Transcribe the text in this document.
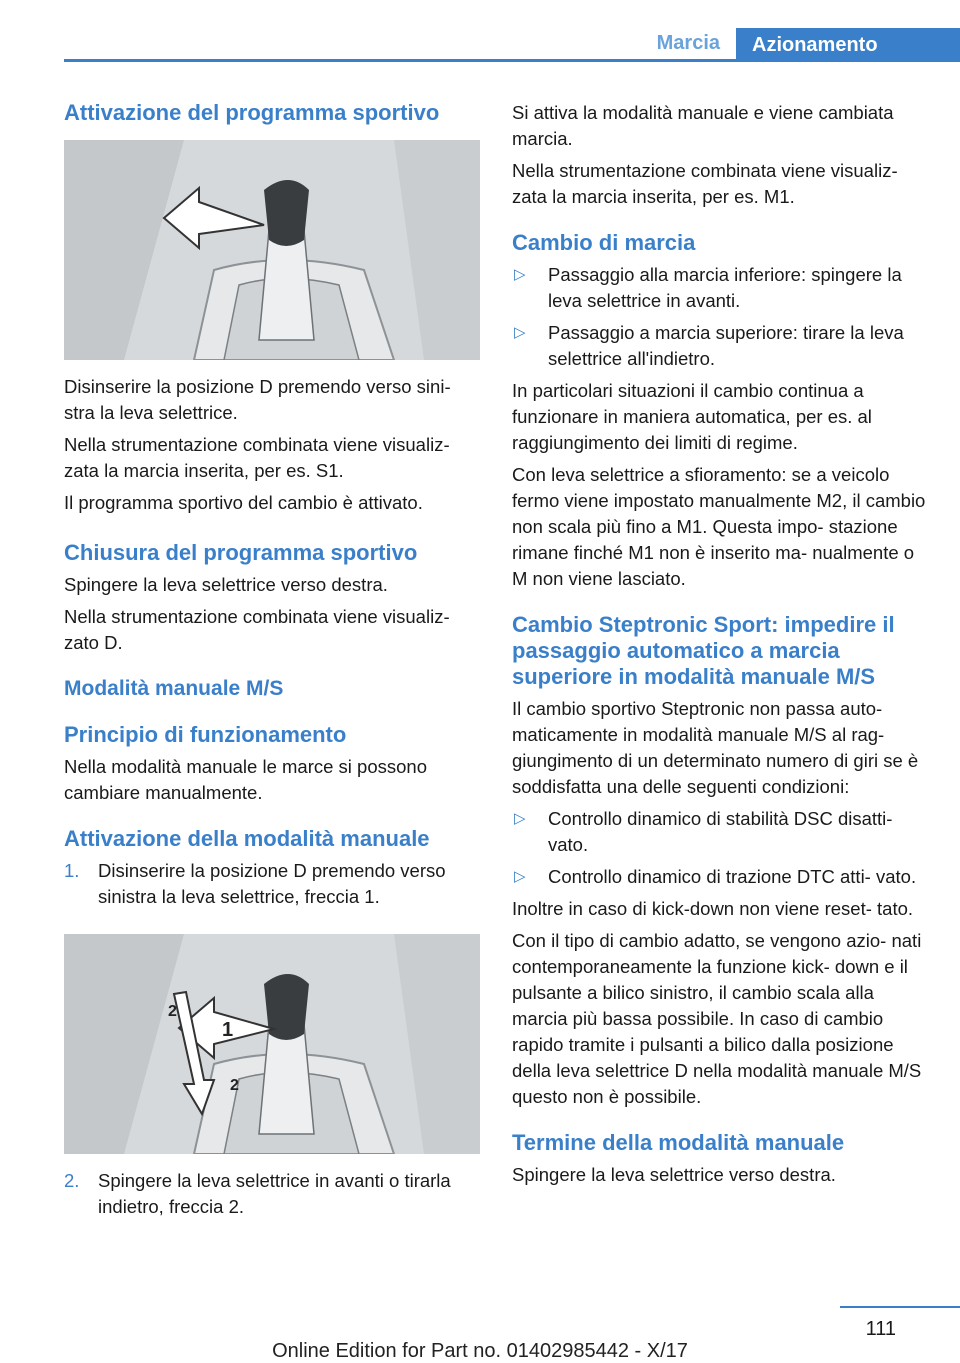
Marcia	Azionamento
Attivazione del programma sportivo

Disinserire la posizione D premendo verso sini‐ stra la leva selettrice.

Nella strumentazione combinata viene visualiz‐ zata la marcia inserita, per es. S1.

Il programma sportivo del cambio è attivato.

Chiusura del programma sportivo

Spingere la leva selettrice verso destra.

Nella strumentazione combinata viene visualiz‐ zato D.

Modalità manuale M/S
Principio di funzionamento

Nella modalità manuale le marce si possono cambiare manualmente.

Attivazione della modalità manuale
1.	Disinserire la posizione D premendo verso sinistra la leva selettrice, freccia 1.
1
2
2
2.	Spingere la leva selettrice in avanti o tirarla indietro, freccia 2.

Si attiva la modalità manuale e viene cambiata marcia.

Nella strumentazione combinata viene visualiz‐ zata la marcia inserita, per es. M1.

Cambio di marcia
▷	Passaggio alla marcia inferiore: spingere la leva selettrice in avanti.
▷	Passaggio a marcia superiore: tirare la leva selettrice all'indietro.

In particolari situazioni il cambio continua a funzionare in maniera automatica, per es. al raggiungimento dei limiti di regime.

Con leva selettrice a sfioramento: se a veicolo fermo viene impostato manualmente M2, il cambio non scala più fino a M1. Questa impo‐ stazione rimane finché M1 non è inserito ma‐ nualmente o M non viene lasciato.

Cambio Steptronic Sport: impedire il passaggio automatico a marcia superiore in modalità manuale M/S

Il cambio sportivo Steptronic non passa auto‐ maticamente in modalità manuale M/S al rag‐ giungimento di un determinato numero di giri se è soddisfatta una delle seguenti condizioni:

▷	Controllo dinamico di stabilità DSC disatti‐ vato.
▷	Controllo dinamico di trazione DTC atti‐ vato.

Inoltre in caso di kick-down non viene reset‐ tato.

Con il tipo di cambio adatto, se vengono azio‐ nati contemporaneamente la funzione kick- down e il pulsante a bilico sinistro, il cambio scala alla marcia più bassa possibile. In caso di cambio rapido tramite i pulsanti a bilico dalla posizione della leva selettrice D nella modalità manuale M/S questo non è possibile.

Termine della modalità manuale

Spingere la leva selettrice verso destra.

111
Online Edition for Part no. 01402985442 - X/17
